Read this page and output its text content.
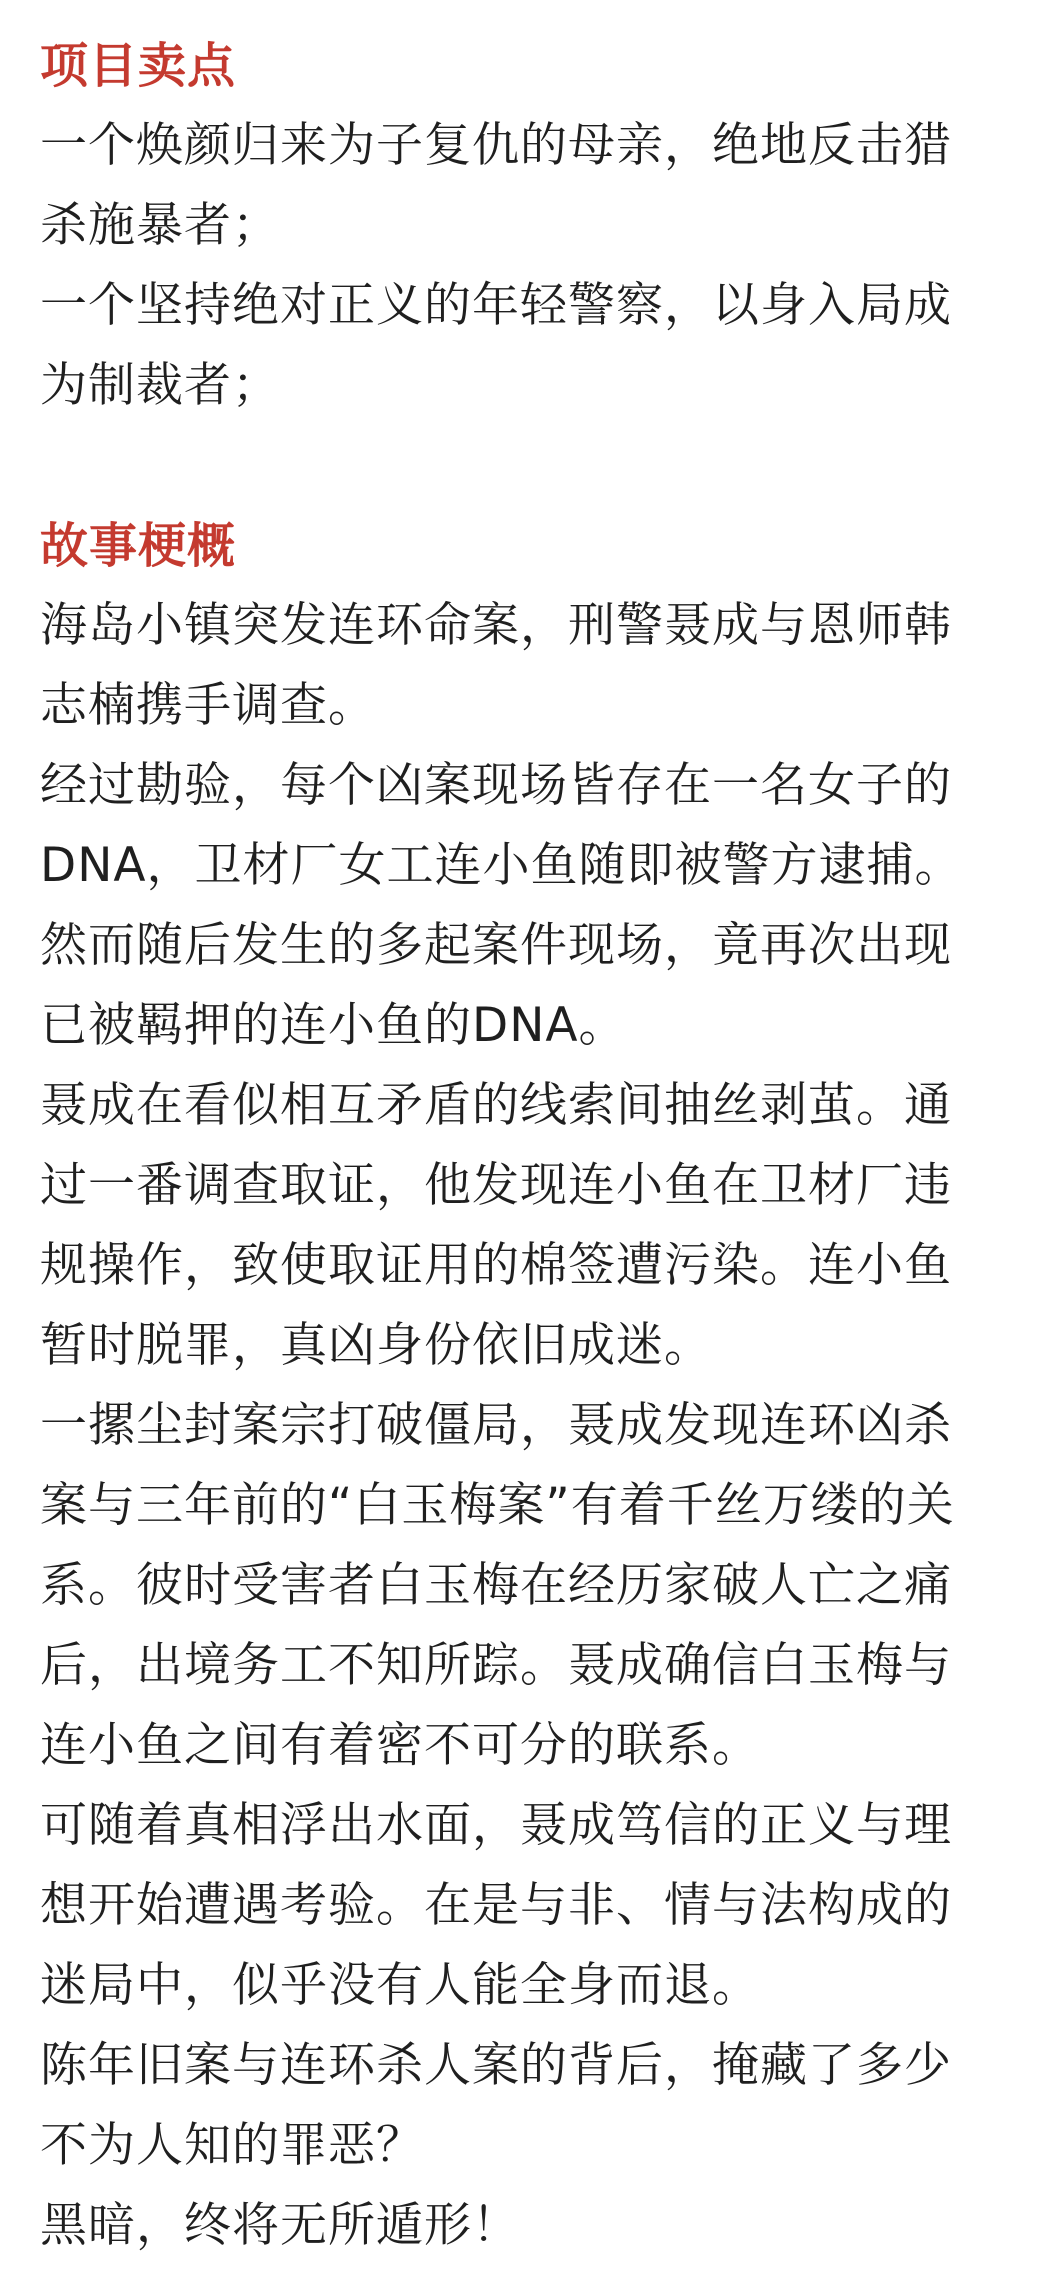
项目卖点
一个焕颜归来为子复仇的母亲，绝地反击猎
杀施暴者；
一个坚持绝对正义的年轻警察，以身入局成
为制裁者；
故事梗概
海岛小镇突发连环命案，刑警聂成与恩师韩
志楠携手调查。
经过勘验，每个凶案现场皆存在一名女子的
DNA，卫材厂女工连小鱼随即被警方逮捕。
然而随后发生的多起案件现场，竟再次出现
已被羁押的连小鱼的DNA。
聂成在看似相互矛盾的线索间抽丝剥茧。通
过一番调查取证，他发现连小鱼在卫材厂违
规操作，致使取证用的棉签遭污染。连小鱼
暂时脱罪，真凶身份依旧成迷。
一摞尘封案宗打破僵局，聂成发现连环凶杀
案与三年前的“白玉梅案”有着千丝万缕的关
系。彼时受害者白玉梅在经历家破人亡之痛
后，出境务工不知所踪。聂成确信白玉梅与
连小鱼之间有着密不可分的联系。
可随着真相浮出水面，聂成笃信的正义与理
想开始遭遇考验。在是与非、情与法构成的
迷局中，似乎没有人能全身而退。
陈年旧案与连环杀人案的背后，掩藏了多少
不为人知的罪恶？
黑暗，终将无所遁形！
